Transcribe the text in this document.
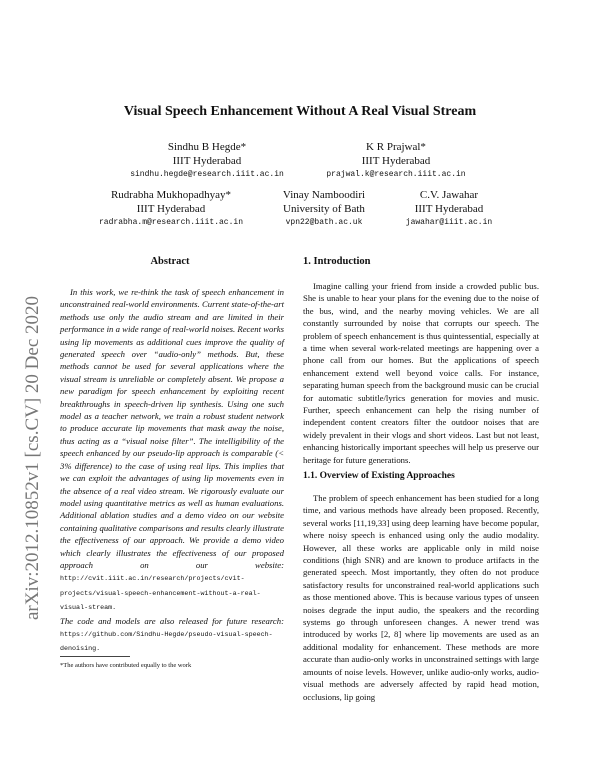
arXiv:2012.10852v1 [cs.CV] 20 Dec 2020
Visual Speech Enhancement Without A Real Visual Stream
Sindhu B Hegde*
IIIT Hyderabad
sindhu.hegde@research.iiit.ac.in
K R Prajwal*
IIIT Hyderabad
prajwal.k@research.iiit.ac.in
Rudrabha Mukhopadhyay*
IIIT Hyderabad
radrabha.m@research.iiit.ac.in
Vinay Namboodiri
University of Bath
vpn22@bath.ac.uk
C.V. Jawahar
IIIT Hyderabad
jawahar@iiit.ac.in
Abstract

In this work, we re-think the task of speech enhancement in unconstrained real-world environments. Current state-of-the-art methods use only the audio stream and are limited in their performance in a wide range of real-world noises. Recent works using lip movements as additional cues improve the quality of generated speech over “audio-only” methods. But, these methods cannot be used for several applications where the visual stream is unreliable or completely absent. We propose a new paradigm for speech enhancement by exploiting recent breakthroughs in speech-driven lip synthesis. Using one such model as a teacher network, we train a robust student network to produce accurate lip movements that mask away the noise, thus acting as a “visual noise filter”. The intelligibility of the speech enhanced by our pseudo-lip approach is comparable (< 3% difference) to the case of using real lips. This implies that we can exploit the advantages of using lip movements even in the absence of a real video stream. We rigorously evaluate our model using quantitative metrics as well as human evaluations. Additional ablation studies and a demo video on our website containing qualitative comparisons and results clearly illustrate the effectiveness of our approach. We provide a demo video which clearly illustrates the effectiveness of our proposed approach on our website: http://cvit.iiit.ac.in/research/projects/cvit-projects/visual-speech-enhancement-without-a-real-visual-stream.

The code and models are also released for future research: https://github.com/Sindhu-Hegde/pseudo-visual-speech-denoising.

*The authors have contributed equally to the work
1. Introduction

Imagine calling your friend from inside a crowded public bus. She is unable to hear your plans for the evening due to the noise of the bus, wind, and the nearby moving vehicles. We are all constantly surrounded by noise that corrupts our speech. The problem of speech enhancement is thus quintessential, especially at a time when several work-related meetings are happening over a phone call from our homes. But the applications of speech enhancement extend well beyond voice calls. For instance, separating human speech from the background music can be crucial for automatic subtitle/lyrics generation for movies and music. Further, speech enhancement can help the rising number of independent content creators filter the outdoor noises that are widely prevalent in their vlogs and short videos. Last but not least, enhancing historically important speeches will help us preserve our heritage for future generations.

1.1. Overview of Existing Approaches

The problem of speech enhancement has been studied for a long time, and various methods have already been proposed. Recently, several works [11,19,33] using deep learning have become popular, where noisy speech is enhanced using only the audio modality. However, all these works are applicable only in mild noise conditions (high SNR) and are known to produce artifacts in the generated speech. Most importantly, they often do not produce satisfactory results for unconstrained real-world applications such as those mentioned above. This is because various types of unseen noises degrade the input audio, the speakers and the recording systems go through unforeseen changes. A newer trend was introduced by works [2, 8] where lip movements are used as an additional modality for enhancement. These methods are more accurate than audio-only works in unconstrained settings with large amounts of noise levels. However, unlike audio-only works, audio-visual methods are adversely affected by rapid head motion, occlusions, lip going
